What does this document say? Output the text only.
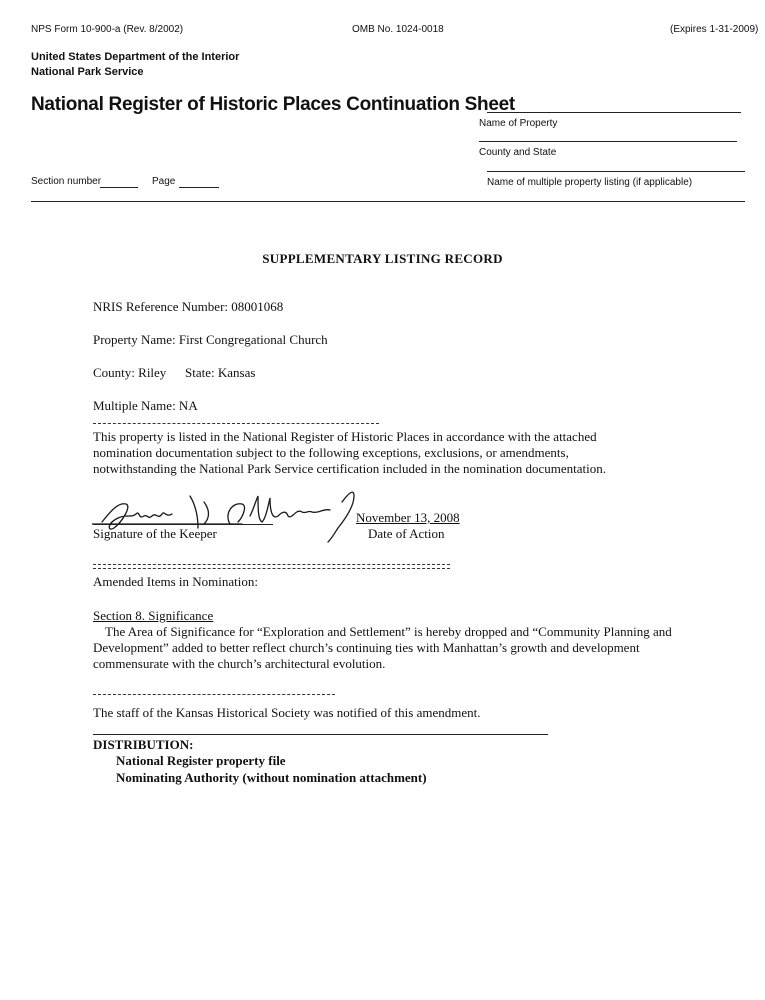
NPS Form 10-900-a (Rev. 8/2002)	OMB No. 1024-0018	(Expires 1-31-2009)
United States Department of the Interior
National Park Service
National Register of Historic Places Continuation Sheet
Name of Property
County and State
Section number	Page	Name of multiple property listing (if applicable)
SUPPLEMENTARY LISTING RECORD
NRIS Reference Number: 08001068
Property Name: First Congregational Church
County: Riley State: Kansas
Multiple Name: NA
This property is listed in the National Register of Historic Places in accordance with the attached nomination documentation subject to the following exceptions, exclusions, or amendments, notwithstanding the National Park Service certification included in the nomination documentation.
Signature of the Keeper
November 13, 2008
Date of Action
Amended Items in Nomination:
Section 8. Significance
The Area of Significance for “Exploration and Settlement” is hereby dropped and “Community Planning and Development” added to better reflect church’s continuing ties with Manhattan’s growth and development commensurate with the church’s architectural evolution.
The staff of the Kansas Historical Society was notified of this amendment.
DISTRIBUTION:
National Register property file
Nominating Authority (without nomination attachment)
